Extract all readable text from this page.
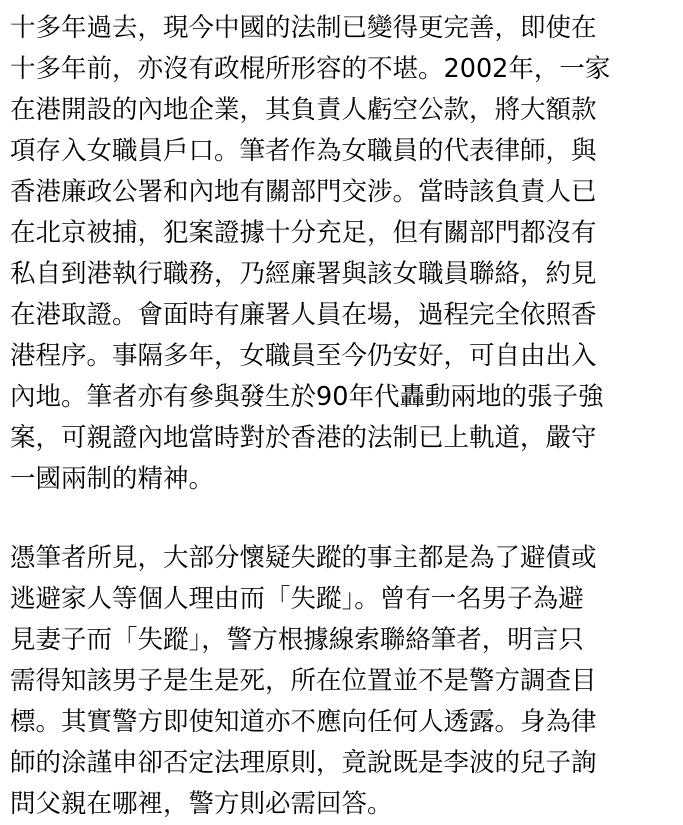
十多年過去，現今中國的法制已變得更完善，即使在
十多年前，亦沒有政棍所形容的不堪。2002年，一家
在港開設的內地企業，其負責人虧空公款，將大額款
項存入女職員戶口。筆者作為女職員的代表律師，與
香港廉政公署和內地有關部門交涉。當時該負責人已
在北京被捕，犯案證據十分充足，但有關部門都沒有
私自到港執行職務，乃經廉署與該女職員聯絡，約見
在港取證。會面時有廉署人員在場，過程完全依照香
港程序。事隔多年，女職員至今仍安好，可自由出入
內地。筆者亦有參與發生於90年代轟動兩地的張子強
案，可親證內地當時對於香港的法制已上軌道，嚴守
一國兩制的精神。
憑筆者所見，大部分懷疑失蹤的事主都是為了避債或
逃避家人等個人理由而「失蹤」。曾有一名男子為避
見妻子而「失蹤」，警方根據線索聯絡筆者，明言只
需得知該男子是生是死，所在位置並不是警方調查目
標。其實警方即使知道亦不應向任何人透露。身為律
師的涂謹申卻否定法理原則，竟說既是李波的兒子詢
問父親在哪裡，警方則必需回答。
